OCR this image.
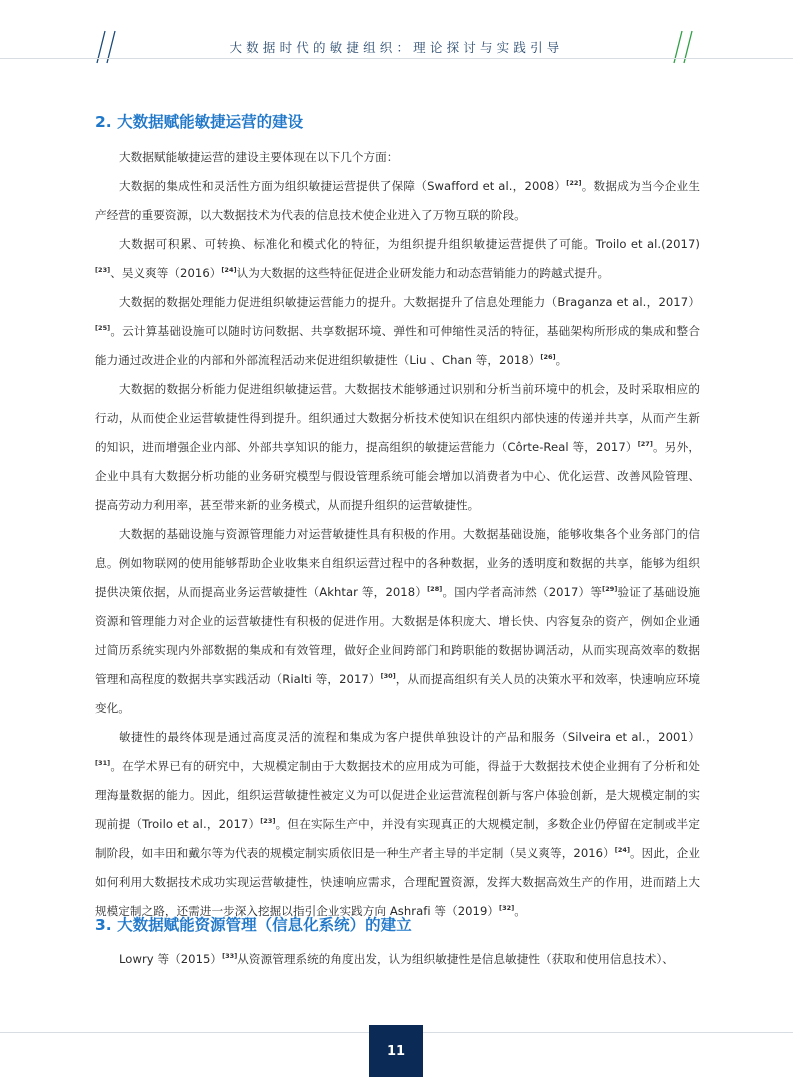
大数据时代的敏捷组织：理论探讨与实践引导
2. 大数据赋能敏捷运营的建设

大数据赋能敏捷运营的建设主要体现在以下几个方面：

大数据的集成性和灵活性方面为组织敏捷运营提供了保障（Swafford et al.，2008）[22]。数据成为当今企业生产经营的重要资源，以大数据技术为代表的信息技术使企业进入了万物互联的阶段。

大数据可积累、可转换、标准化和模式化的特征，为组织提升组织敏捷运营提供了可能。Troilo et al.(2017)[23]、吴义爽等（2016）[24]认为大数据的这些特征促进企业研发能力和动态营销能力的跨越式提升。

大数据的数据处理能力促进组织敏捷运营能力的提升。大数据提升了信息处理能力（Braganza et al.，2017）[25]。云计算基础设施可以随时访问数据、共享数据环境、弹性和可伸缩性灵活的特征，基础架构所形成的集成和整合能力通过改进企业的内部和外部流程活动来促进组织敏捷性（Liu 、Chan 等，2018）[26]。

大数据的数据分析能力促进组织敏捷运营。大数据技术能够通过识别和分析当前环境中的机会，及时采取相应的行动，从而使企业运营敏捷性得到提升。组织通过大数据分析技术使知识在组织内部快速的传递并共享，从而产生新的知识，进而增强企业内部、外部共享知识的能力，提高组织的敏捷运营能力（Côrte-Real 等，2017）[27]。另外，企业中具有大数据分析功能的业务研究模型与假设管理系统可能会增加以消费者为中心、优化运营、改善风险管理、提高劳动力利用率，甚至带来新的业务模式，从而提升组织的运营敏捷性。

大数据的基础设施与资源管理能力对运营敏捷性具有积极的作用。大数据基础设施，能够收集各个业务部门的信息。例如物联网的使用能够帮助企业收集来自组织运营过程中的各种数据，业务的透明度和数据的共享，能够为组织提供决策依据，从而提高业务运营敏捷性（Akhtar 等，2018）[28]。国内学者高沛然（2017）等[29]验证了基础设施资源和管理能力对企业的运营敏捷性有积极的促进作用。大数据是体积庞大、增长快、内容复杂的资产，例如企业通过简历系统实现内外部数据的集成和有效管理，做好企业间跨部门和跨职能的数据协调活动，从而实现高效率的数据管理和高程度的数据共享实践活动（Rialti 等，2017）[30]，从而提高组织有关人员的决策水平和效率，快速响应环境变化。

敏捷性的最终体现是通过高度灵活的流程和集成为客户提供单独设计的产品和服务（Silveira et al.，2001）[31]。在学术界已有的研究中，大规模定制由于大数据技术的应用成为可能，得益于大数据技术使企业拥有了分析和处理海量数据的能力。因此，组织运营敏捷性被定义为可以促进企业运营流程创新与客户体验创新，是大规模定制的实现前提（Troilo et al.，2017）[23]。但在实际生产中，并没有实现真正的大规模定制，多数企业仍停留在定制或半定制阶段，如丰田和戴尔等为代表的规模定制实质依旧是一种生产者主导的半定制（吴义爽等，2016）[24]。因此，企业如何利用大数据技术成功实现运营敏捷性，快速响应需求，合理配置资源，发挥大数据高效生产的作用，进而踏上大规模定制之路，还需进一步深入挖掘以指引企业实践方向 Ashrafi 等（2019）[32]。

3. 大数据赋能资源管理（信息化系统）的建立

Lowry 等（2015）[33]从资源管理系统的角度出发，认为组织敏捷性是信息敏捷性（获取和使用信息技术）、

11
